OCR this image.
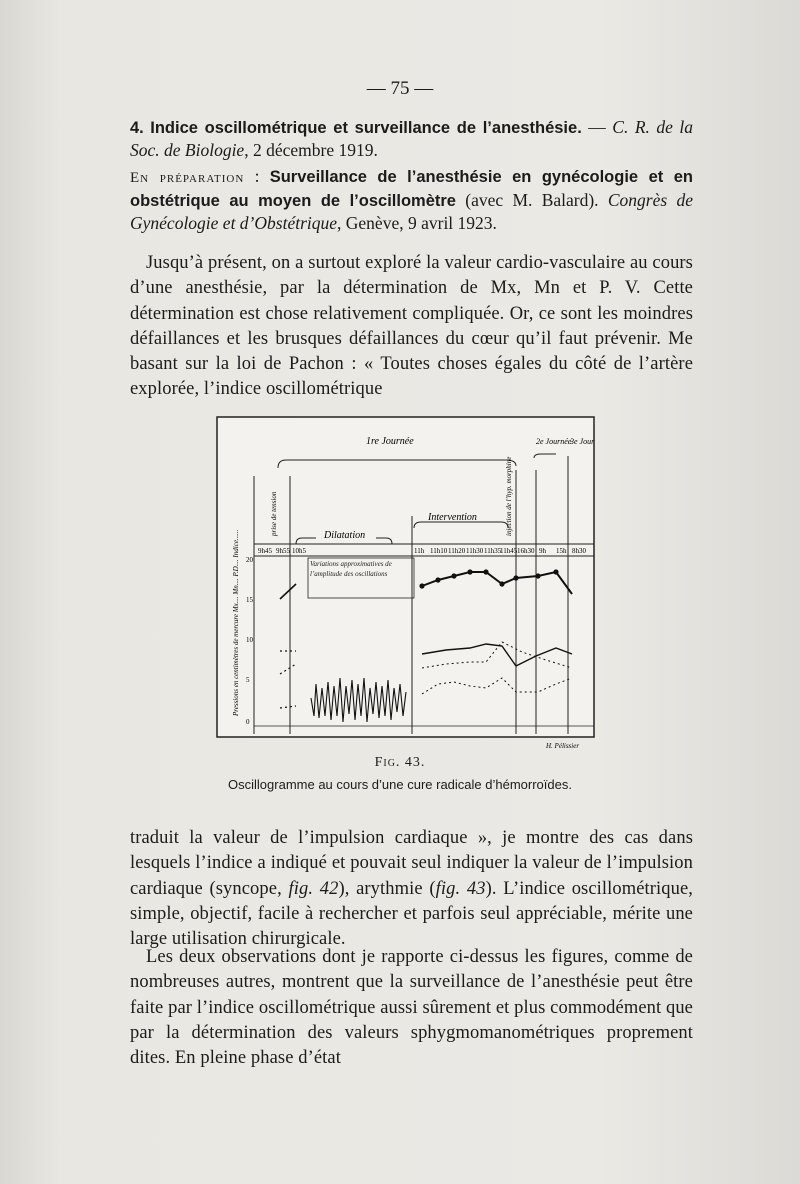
— 75 —
4. Indice oscillométrique et surveillance de l’anesthésie. — C. R. de la Soc. de Biologie, 2 décembre 1919.
En préparation : Surveillance de l’anesthésie en gynécologie et en obstétrique au moyen de l’oscillomètre (avec M. Balard). Congrès de Gynécologie et d’Obstétrique, Genève, 9 avril 1923.
Jusqu’à présent, on a surtout exploré la valeur cardio-vasculaire au cours d’une anesthésie, par la détermination de Mx, Mn et P. V. Cette détermination est chose relativement compliquée. Or, ce sont les moindres défaillances et les brusques défaillances du cœur qu’il faut prévenir. Me basant sur la loi de Pachon : « Toutes choses égales du côté de l’artère explorée, l’indice oscillométrique
1re Journée	2e Journée
3e Jour
prise de tension	Dilatation
Intervention	injection de l’hyp. morphine
9h45 9h55 10h5	11h 11h10 11h20 11h30 11h35
11h45 16h30 9h 15h 8h30
Pressions en centimètres de mercure Mx.... Mn.... P.D.... Indice...... 20
15
10
5
0
Variations approximatives de l’amplitude des oscillations
H. Pélissier
Fig. 43.
Oscillogramme au cours d’une cure radicale d’hémorroïdes.
traduit la valeur de l’impulsion cardiaque », je montre des cas dans lesquels l’indice a indiqué et pouvait seul indiquer la valeur de l’impulsion cardiaque (syncope, fig. 42), arythmie (fig. 43). L’indice oscillométrique, simple, objectif, facile à rechercher et parfois seul appréciable, mérite une large utilisation chirurgicale.
Les deux observations dont je rapporte ci-dessus les figures, comme de nombreuses autres, montrent que la surveillance de l’anesthésie peut être faite par l’indice oscillométrique aussi sûrement et plus commodément que par la détermination des valeurs sphygmomanométriques proprement dites. En pleine phase d’état
